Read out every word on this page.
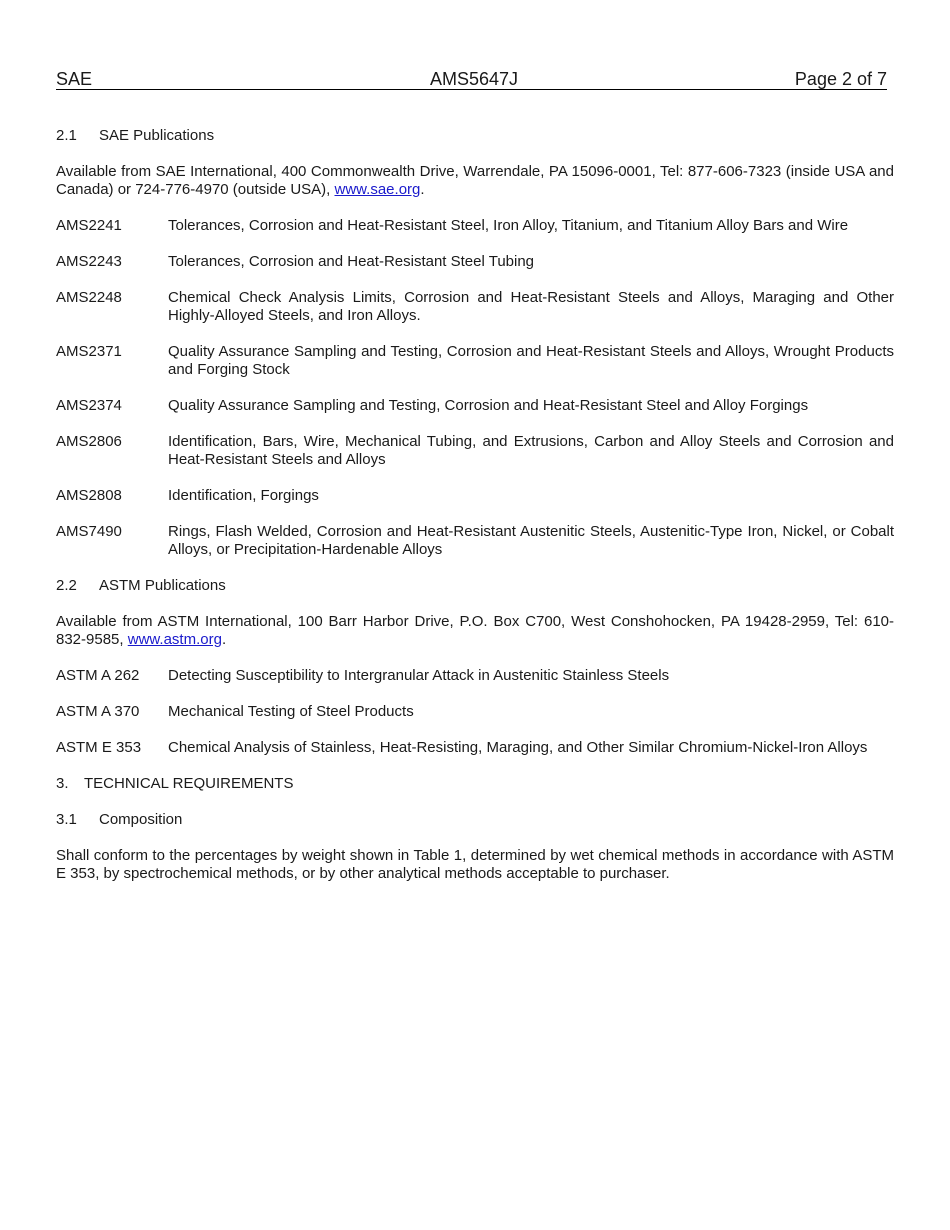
SAE	AMS5647J	Page 2 of 7
2.1 SAE Publications

Available from SAE International, 400 Commonwealth Drive, Warrendale, PA 15096-0001, Tel: 877-606-7323 (inside USA and Canada) or 724-776-4970 (outside USA), www.sae.org.

AMS2241	Tolerances, Corrosion and Heat-Resistant Steel, Iron Alloy, Titanium, and Titanium Alloy Bars and Wire
AMS2243	Tolerances, Corrosion and Heat-Resistant Steel Tubing
AMS2248	Chemical Check Analysis Limits, Corrosion and Heat-Resistant Steels and Alloys, Maraging and Other Highly-Alloyed Steels, and Iron Alloys.
AMS2371	Quality Assurance Sampling and Testing, Corrosion and Heat-Resistant Steels and Alloys, Wrought Products and Forging Stock
AMS2374	Quality Assurance Sampling and Testing, Corrosion and Heat-Resistant Steel and Alloy Forgings
AMS2806	Identification, Bars, Wire, Mechanical Tubing, and Extrusions, Carbon and Alloy Steels and Corrosion and Heat-Resistant Steels and Alloys
AMS2808	Identification, Forgings
AMS7490	Rings, Flash Welded, Corrosion and Heat-Resistant Austenitic Steels, Austenitic-Type Iron, Nickel, or Cobalt Alloys, or Precipitation-Hardenable Alloys
2.2 ASTM Publications

Available from ASTM International, 100 Barr Harbor Drive, P.O. Box C700, West Conshohocken, PA 19428-2959, Tel: 610-832-9585, www.astm.org.

ASTM A 262	Detecting Susceptibility to Intergranular Attack in Austenitic Stainless Steels
ASTM A 370	Mechanical Testing of Steel Products
ASTM E 353	Chemical Analysis of Stainless, Heat-Resisting, Maraging, and Other Similar Chromium-Nickel-Iron Alloys
3. TECHNICAL REQUIREMENTS
3.1 Composition

Shall conform to the percentages by weight shown in Table 1, determined by wet chemical methods in accordance with ASTM E 353, by spectrochemical methods, or by other analytical methods acceptable to purchaser.
